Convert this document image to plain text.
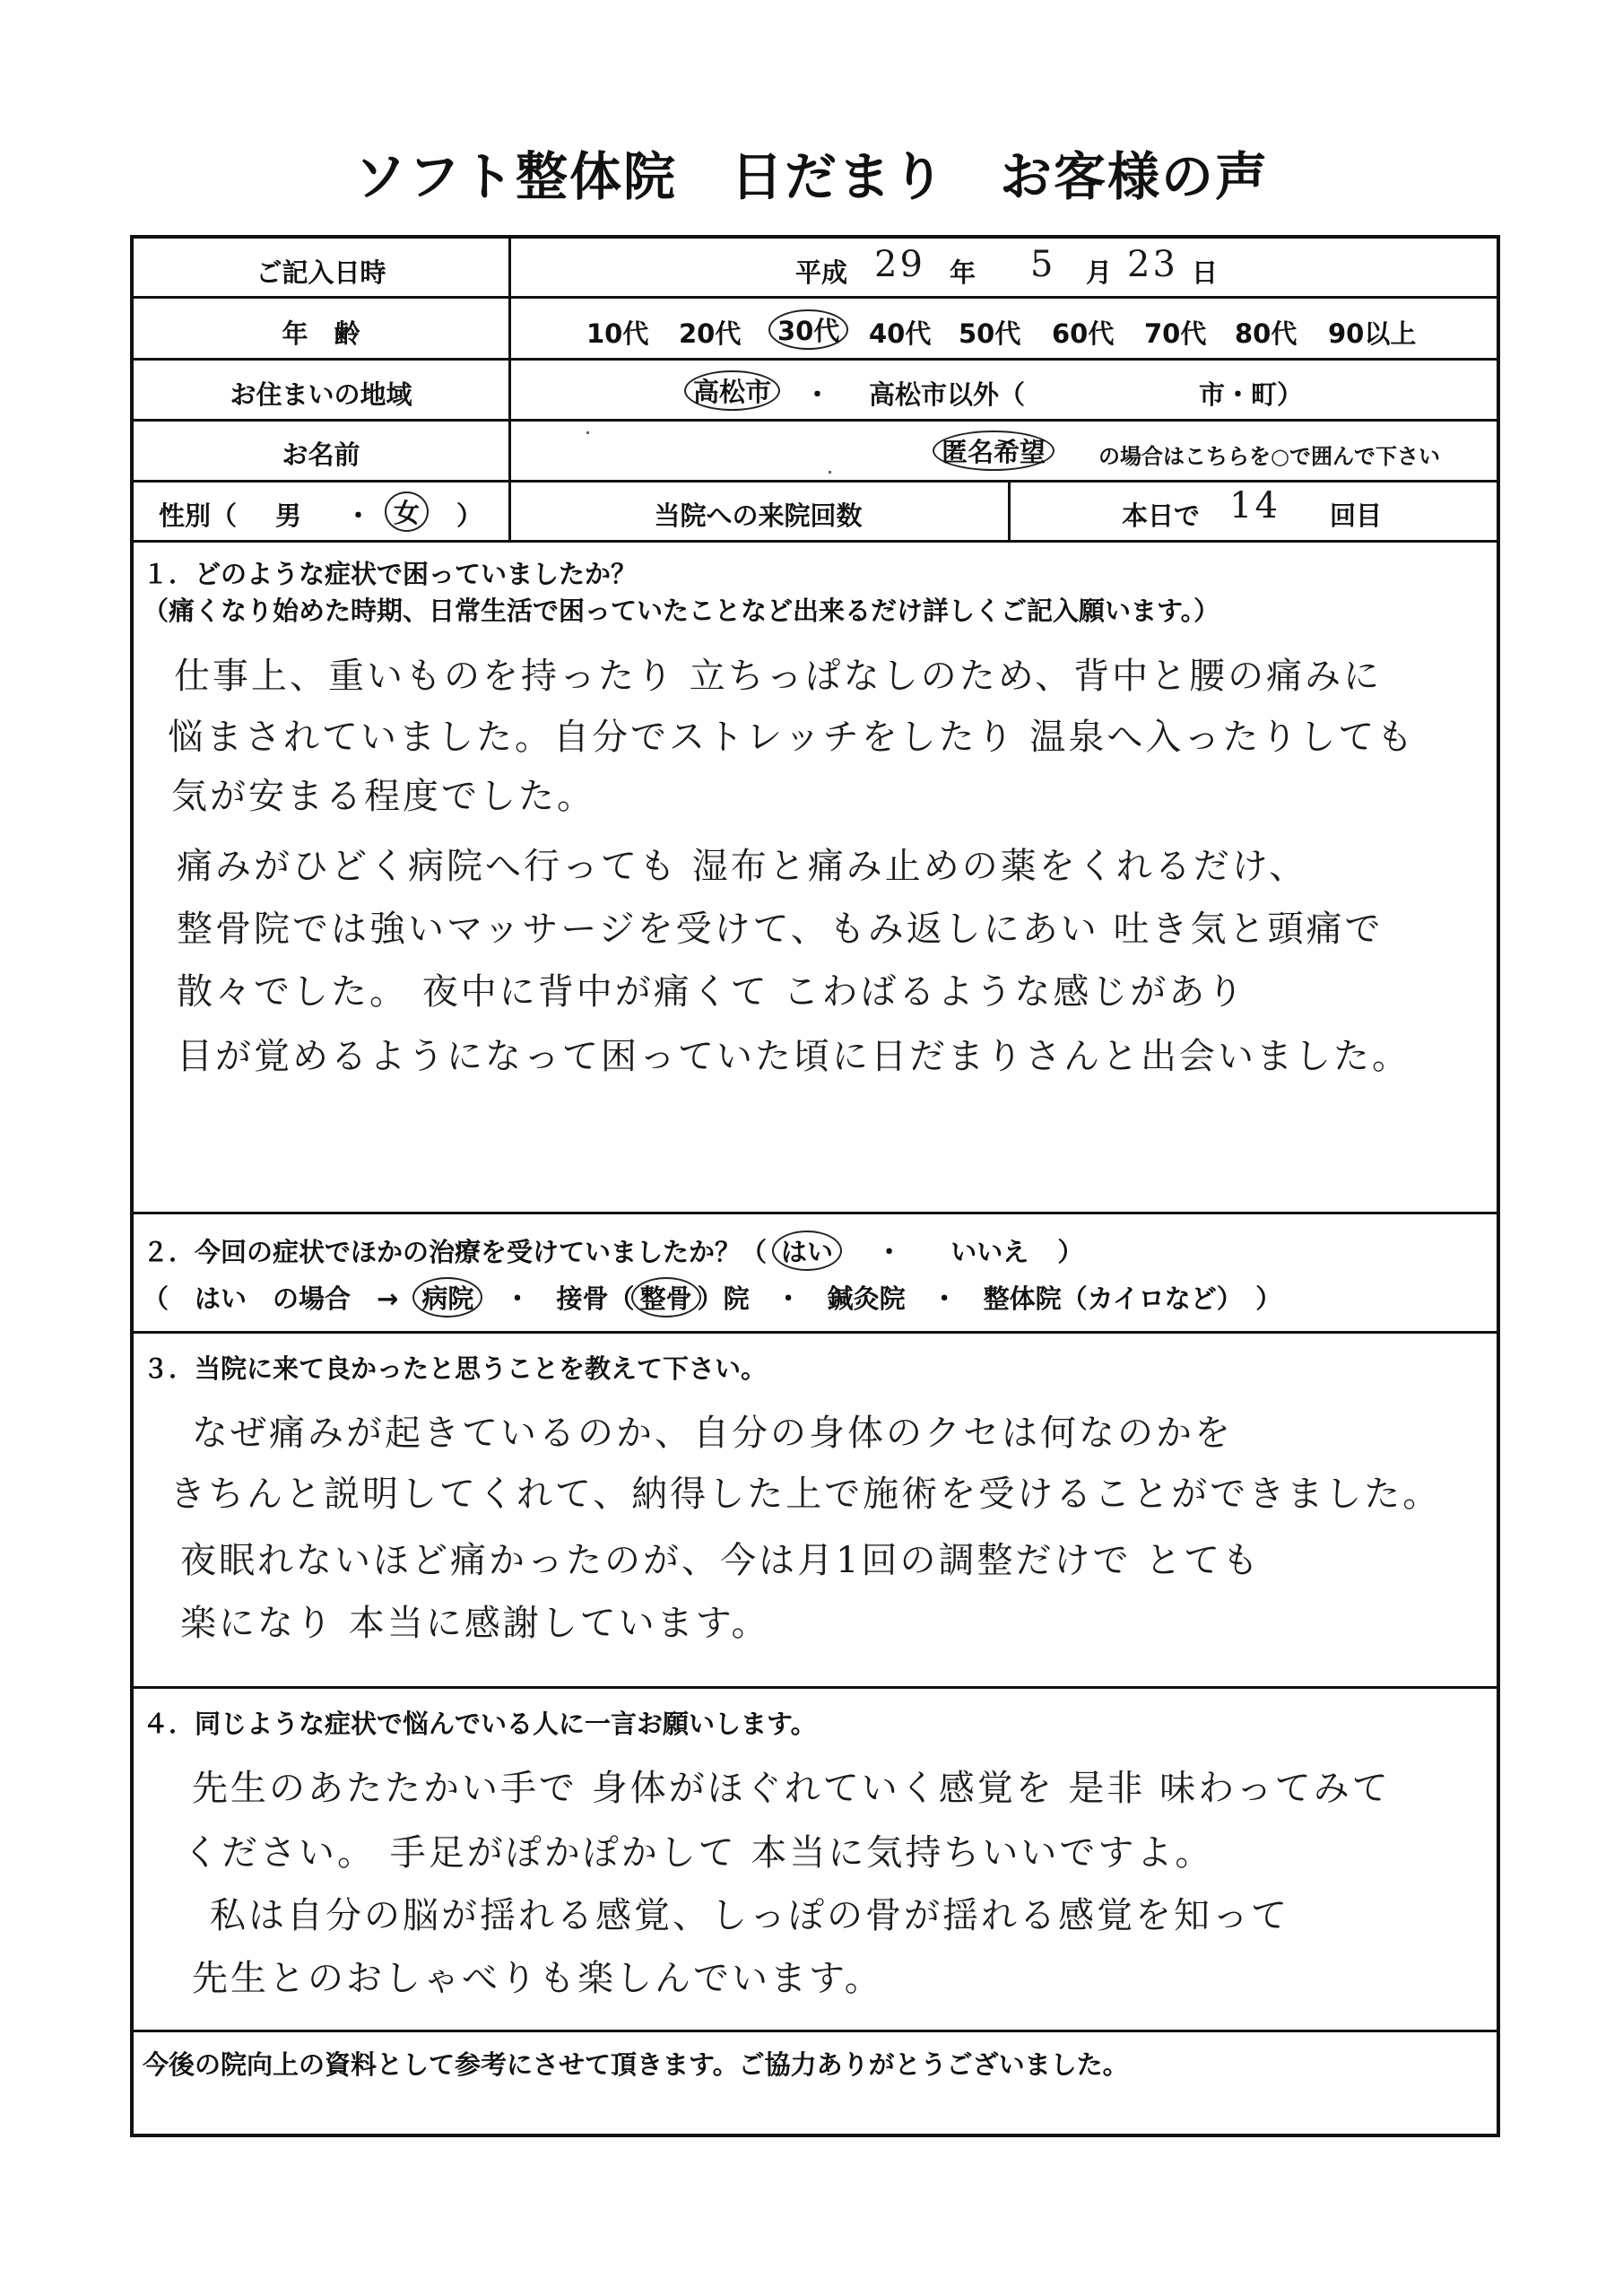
ソフト整体院　日だまり　お客様の声
ご記入日時	平成 29 年 5 月 23 日
年　齢	10代 20代 30代 40代 50代 60代 70代 80代 90以上
お住まいの地域	高松市 ・ 高松市以外（	市・町）
お名前	匿名希望 の場合はこちらを○で囲んで下さい
性別（ 男 ・ 女 ）	当院への来院回数	本日で 14 回目
１．どのような症状で困っていましたか？
（痛くなり始めた時期、日常生活で困っていたことなど出来るだけ詳しくご記入願います。）
仕事上、重いものを持ったり 立ちっぱなしのため、背中と腰の痛みに
悩まされていました。自分でストレッチをしたり 温泉へ入ったりしても
気が安まる程度でした。
痛みがひどく病院へ行っても 湿布と痛み止めの薬をくれるだけ、
整骨院では強いマッサージを受けて、もみ返しにあい 吐き気と頭痛で
散々でした。 夜中に背中が痛くて こわばるような感じがあり
目が覚めるようになって困っていた頃に日だまりさんと出会いました。
２．今回の症状でほかの治療を受けていましたか？（ はい ・ いいえ ）
（　はい　の場合　→ 病院 ・　接骨（ 整骨 ）院　・　鍼灸院　・　整体院（カイロなど）　）
３．当院に来て良かったと思うことを教えて下さい。
なぜ痛みが起きているのか、自分の身体のクセは何なのかを
きちんと説明してくれて、納得した上で施術を受けることができました。
夜眠れないほど痛かったのが、今は月1回の調整だけで とても
楽になり 本当に感謝しています。
４．同じような症状で悩んでいる人に一言お願いします。
先生のあたたかい手で 身体がほぐれていく感覚を 是非 味わってみて
ください。 手足がぽかぽかして 本当に気持ちいいですよ。
私は自分の脳が揺れる感覚、しっぽの骨が揺れる感覚を知って
先生とのおしゃべりも楽しんでいます。
今後の院向上の資料として参考にさせて頂きます。ご協力ありがとうございました。
